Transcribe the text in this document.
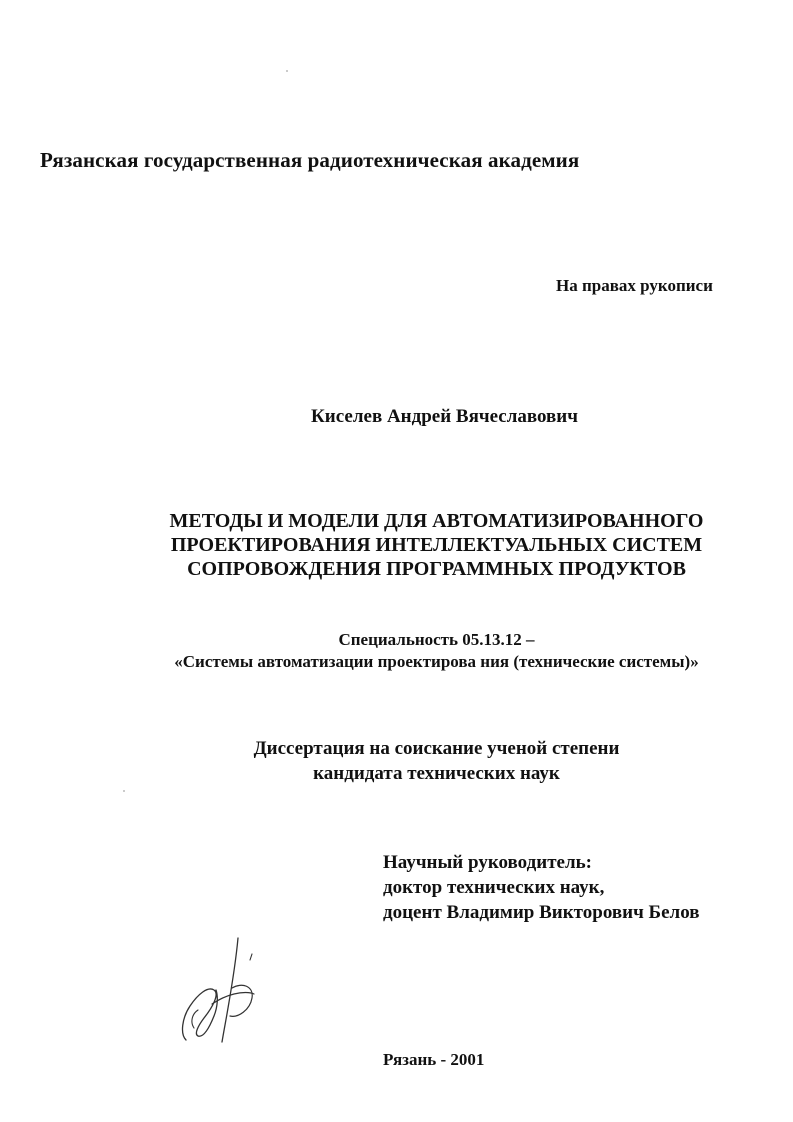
Рязанская государственная радиотехническая академия
На правах рукописи
Киселев Андрей Вячеславович
МЕТОДЫ И МОДЕЛИ ДЛЯ АВТОМАТИЗИРОВАННОГО
ПРОЕКТИРОВАНИЯ ИНТЕЛЛЕКТУАЛЬНЫХ СИСТЕМ
СОПРОВОЖДЕНИЯ ПРОГРАММНЫХ ПРОДУКТОВ
Специальность 05.13.12 –
«Системы автоматизации проектирова ния (технические системы)»
Диссертация на соискание ученой степени
кандидата технических наук
Научный руководитель:
доктор технических наук,
доцент Владимир Викторович Белов
Рязань - 2001
